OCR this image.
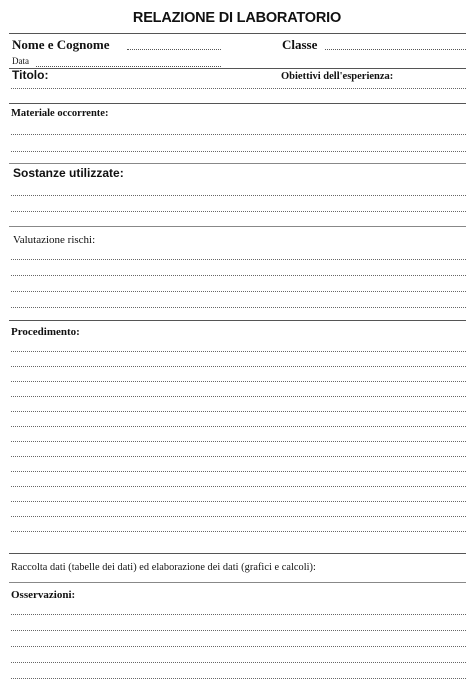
RELAZIONE DI LABORATORIO
Nome e Cognome	Classe
Data
Titolo:	Obiettivi dell'esperienza:
Materiale occorrente:
Sostanze utilizzate:
Valutazione rischi:
Procedimento:
Raccolta dati (tabelle dei dati) ed elaborazione dei dati (grafici e calcoli):
Osservazioni:
